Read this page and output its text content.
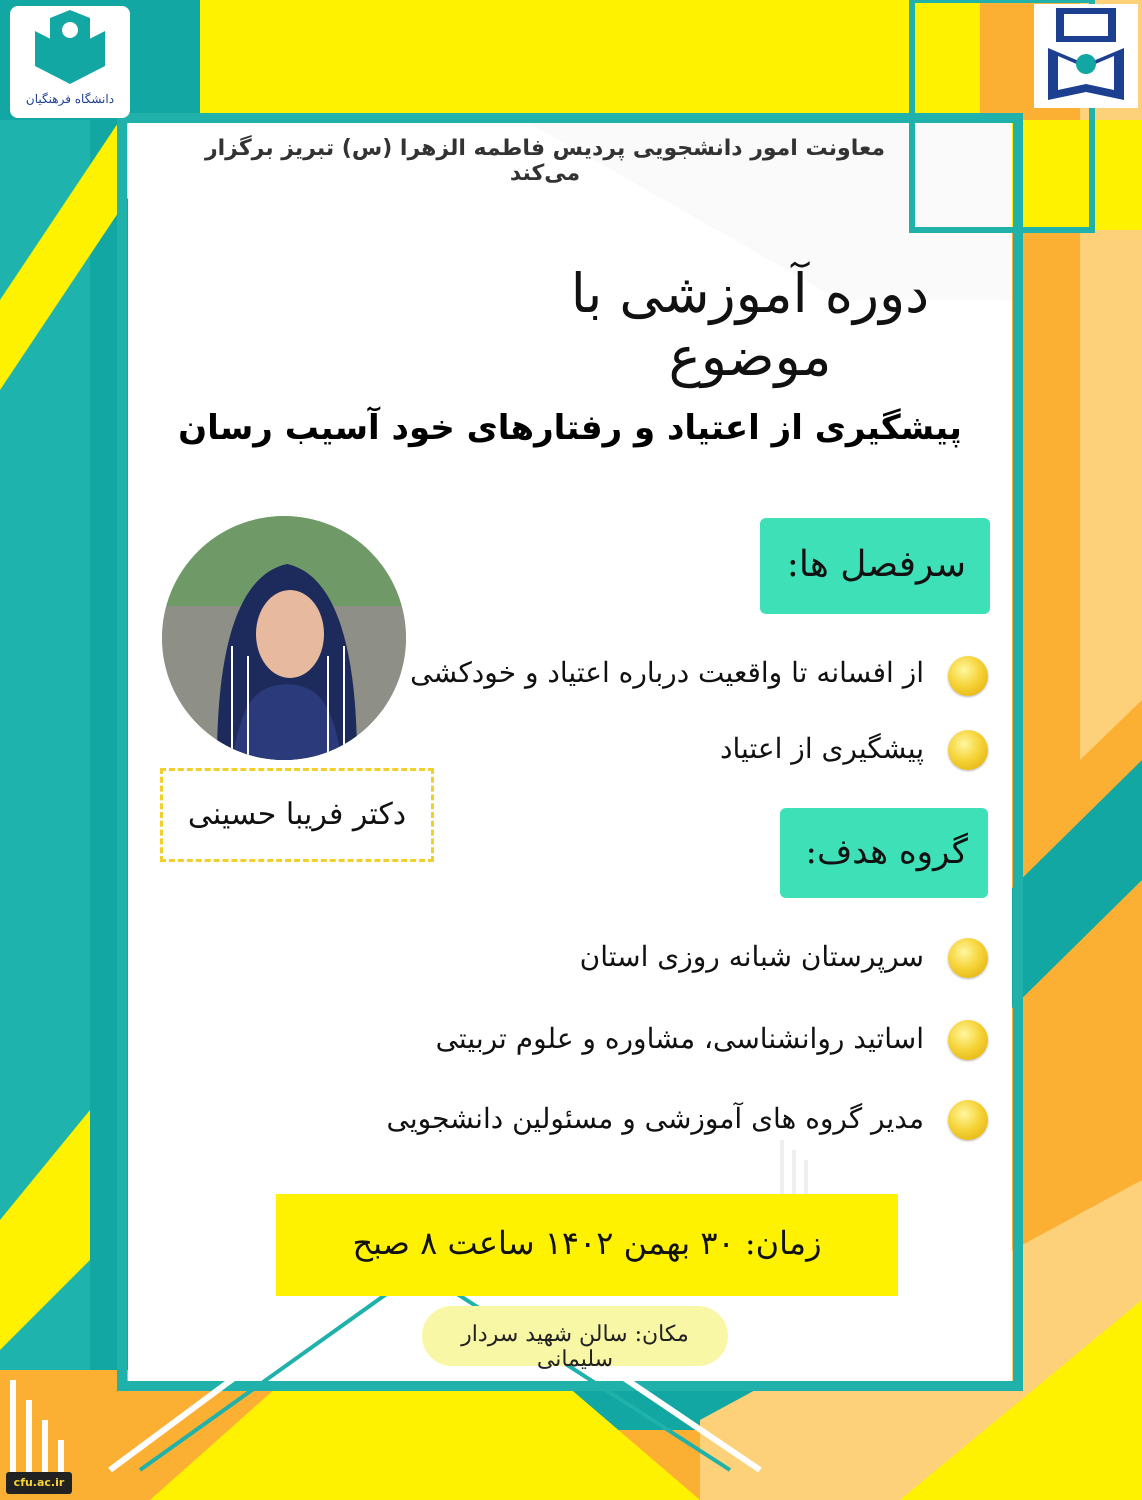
دانشگاه فرهنگیان
معاونت امور دانشجویی پردیس فاطمه الزهرا (س) تبریز برگزار می‌کند
دوره آموزشی با موضوع
پیشگیری از اعتیاد و رفتارهای خود آسیب رسان
دکتر فریبا حسینی
سرفصل ها:
از افسانه تا واقعیت درباره اعتیاد و خودکشی
پیشگیری از اعتیاد
گروه هدف:
سرپرستان شبانه روزی استان
اساتید روانشناسی، مشاوره و علوم تربیتی
مدیر گروه های آموزشی و مسئولین دانشجویی
زمان: ۳۰ بهمن ۱۴۰۲ ساعت ۸ صبح
مکان: سالن شهید سردار سلیمانی
cfu.ac.ir
